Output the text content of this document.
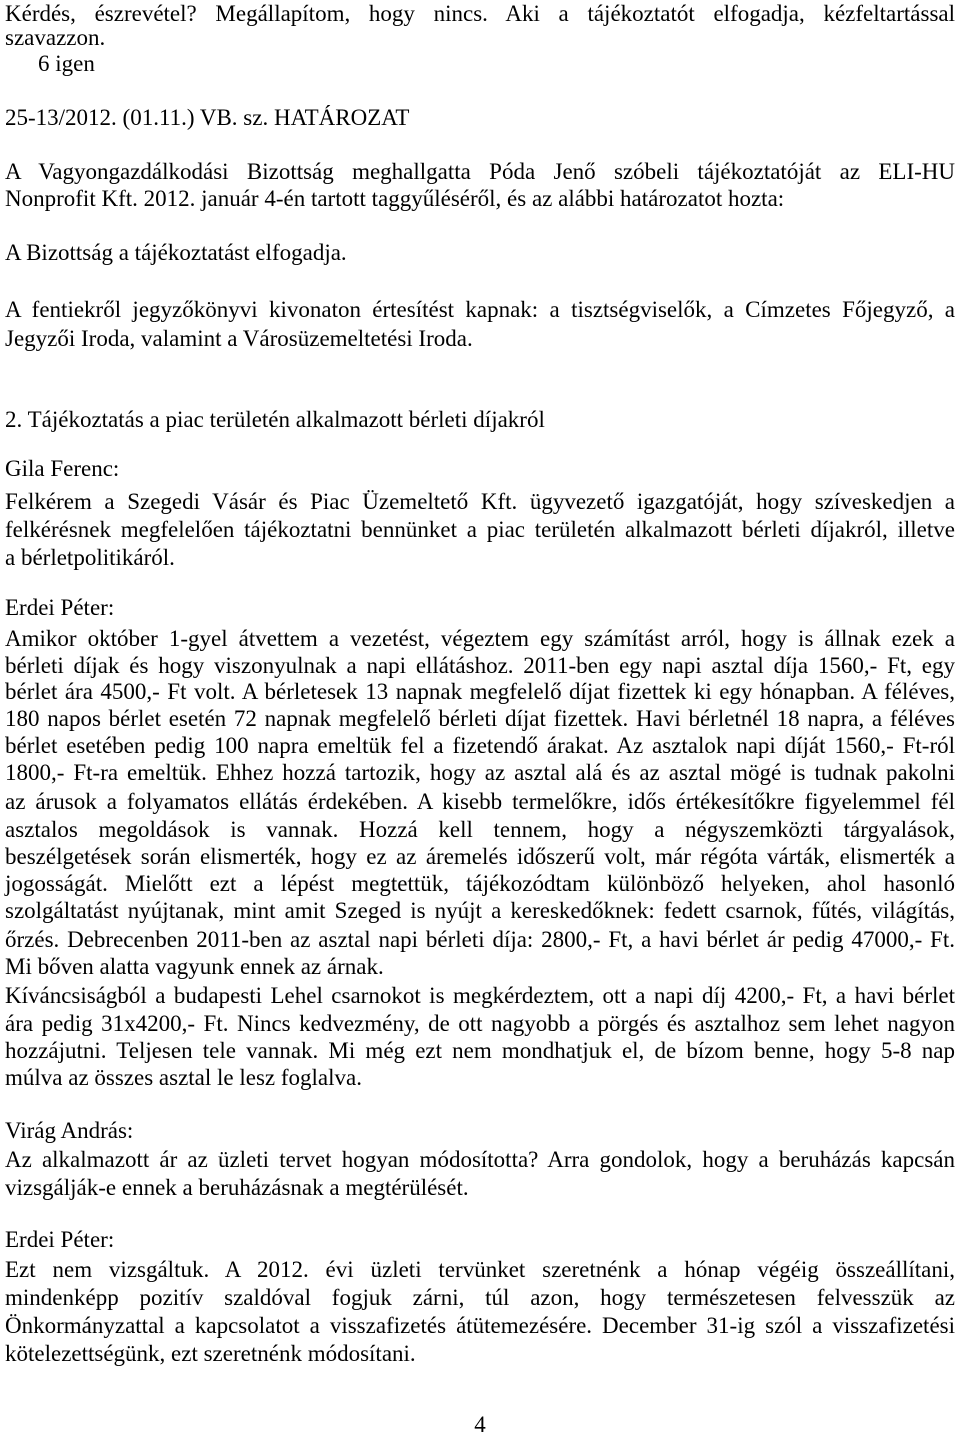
Kérdés, észrevétel? Megállapítom, hogy nincs. Aki a tájékoztatót elfogadja, kézfeltartással
szavazzon.
6 igen
25-13/2012. (01.11.) VB. sz. HATÁROZAT
A Vagyongazdálkodási Bizottság meghallgatta Póda Jenő szóbeli tájékoztatóját az ELI-HU
Nonprofit Kft. 2012. január 4-én tartott taggyűléséről, és az alábbi határozatot hozta:
A Bizottság a tájékoztatást elfogadja.
A fentiekről jegyzőkönyvi kivonaton értesítést kapnak: a tisztségviselők, a Címzetes Főjegyző, a
Jegyzői Iroda, valamint a Városüzemeltetési Iroda.
2. Tájékoztatás a piac területén alkalmazott bérleti díjakról
Gila Ferenc:
Felkérem a Szegedi Vásár és Piac Üzemeltető Kft. ügyvezető igazgatóját, hogy szíveskedjen a
felkérésnek megfelelően tájékoztatni bennünket a piac területén alkalmazott bérleti díjakról, illetve
a bérletpolitikáról.
Erdei Péter:
Amikor október 1-gyel átvettem a vezetést, végeztem egy számítást arról, hogy is állnak ezek a
bérleti díjak és hogy viszonyulnak a napi ellátáshoz. 2011-ben egy napi asztal díja 1560,- Ft, egy
bérlet ára 4500,- Ft volt. A bérletesek 13 napnak megfelelő díjat fizettek ki egy hónapban. A féléves,
180 napos bérlet esetén 72 napnak megfelelő bérleti díjat fizettek. Havi bérletnél 18 napra, a féléves
bérlet esetében pedig 100 napra emeltük fel a fizetendő árakat. Az asztalok napi díját 1560,- Ft-ról
1800,- Ft-ra emeltük. Ehhez hozzá tartozik, hogy az asztal alá és az asztal mögé is tudnak pakolni
az árusok a folyamatos ellátás érdekében. A kisebb termelőkre, idős értékesítőkre figyelemmel fél
asztalos megoldások is vannak. Hozzá kell tennem, hogy a négyszemközti tárgyalások,
beszélgetések során elismerték, hogy ez az áremelés időszerű volt, már régóta várták, elismerték a
jogosságát. Mielőtt ezt a lépést megtettük, tájékozódtam különböző helyeken, ahol hasonló
szolgáltatást nyújtanak, mint amit Szeged is nyújt a kereskedőknek: fedett csarnok, fűtés, világítás,
őrzés. Debrecenben 2011-ben az asztal napi bérleti díja: 2800,- Ft, a havi bérlet ár pedig 47000,- Ft.
Mi bőven alatta vagyunk ennek az árnak.
Kíváncsiságból a budapesti Lehel csarnokot is megkérdeztem, ott a napi díj 4200,- Ft, a havi bérlet
ára pedig 31x4200,- Ft. Nincs kedvezmény, de ott nagyobb a pörgés és asztalhoz sem lehet nagyon
hozzájutni. Teljesen tele vannak. Mi még ezt nem mondhatjuk el, de bízom benne, hogy 5-8 nap
múlva az összes asztal le lesz foglalva.
Virág András:
Az alkalmazott ár az üzleti tervet hogyan módosította? Arra gondolok, hogy a beruházás kapcsán
vizsgálják-e ennek a beruházásnak a megtérülését.
Erdei Péter:
Ezt nem vizsgáltuk. A 2012. évi üzleti tervünket szeretnénk a hónap végéig összeállítani,
mindenképp pozitív szaldóval fogjuk zárni, túl azon, hogy természetesen felvesszük az
Önkormányzattal a kapcsolatot a visszafizetés átütemezésére. December 31-ig szól a visszafizetési
kötelezettségünk, ezt szeretnénk módosítani.
4
